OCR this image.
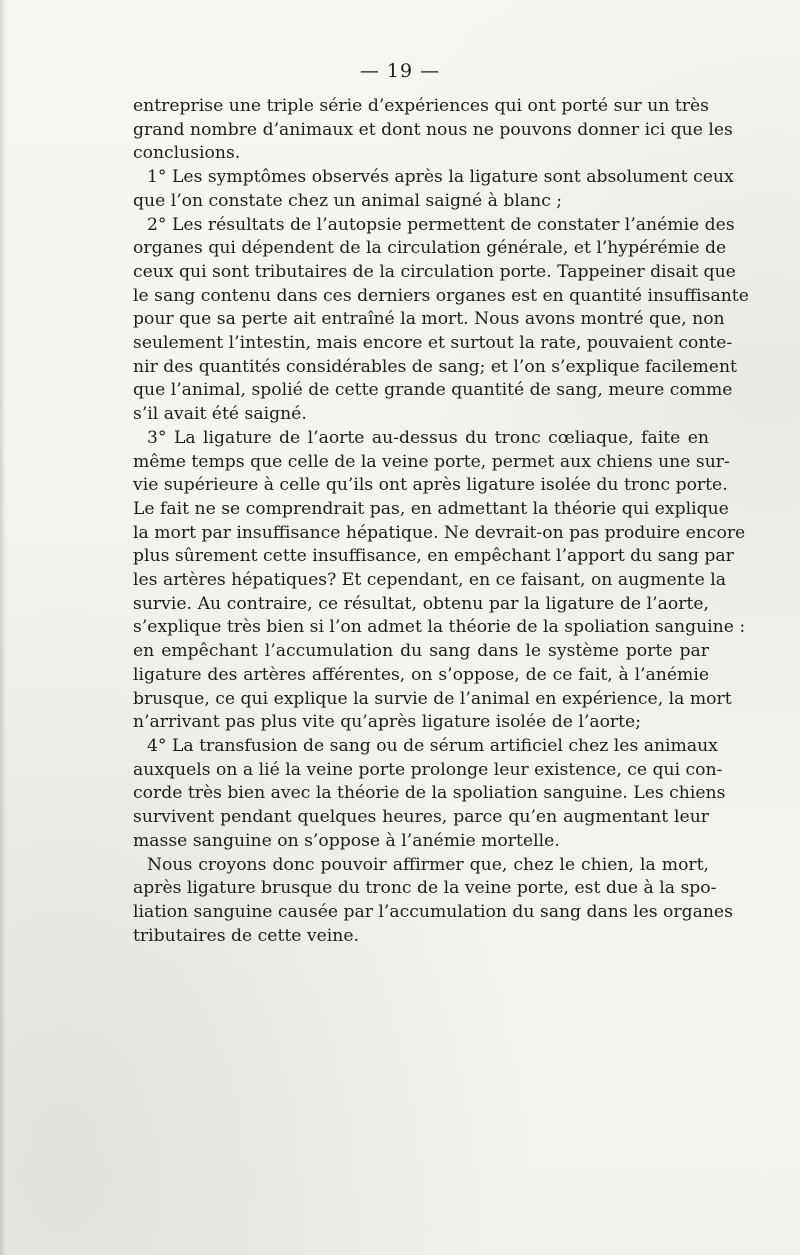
— 19 —
entreprise une triple série d’expériences qui ont porté sur un très
grand nombre d’animaux et dont nous ne pouvons donner ici que les
conclusions.
1° Les symptômes observés après la ligature sont absolument ceux
que l’on constate chez un animal saigné à blanc ;
2° Les résultats de l’autopsie permettent de constater l’anémie des
organes qui dépendent de la circulation générale, et l’hypérémie de
ceux qui sont tributaires de la circulation porte. Tappeiner disait que
le sang contenu dans ces derniers organes est en quantité insuffisante
pour que sa perte ait entraîné la mort. Nous avons montré que, non
seulement l’intestin, mais encore et surtout la rate, pouvaient conte-
nir des quantités considérables de sang; et l’on s’explique facilement
que l’animal, spolié de cette grande quantité de sang, meure comme
s’il avait été saigné.
3° La ligature de l’aorte au-dessus du tronc cœliaque, faite en
même temps que celle de la veine porte, permet aux chiens une sur-
vie supérieure à celle qu’ils ont après ligature isolée du tronc porte.
Le fait ne se comprendrait pas, en admettant la théorie qui explique
la mort par insuffisance hépatique. Ne devrait-on pas produire encore
plus sûrement cette insuffisance, en empêchant l’apport du sang par
les artères hépatiques? Et cependant, en ce faisant, on augmente la
survie. Au contraire, ce résultat, obtenu par la ligature de l’aorte,
s’explique très bien si l’on admet la théorie de la spoliation sanguine :
en empêchant l’accumulation du sang dans le système porte par
ligature des artères afférentes, on s’oppose, de ce fait, à l’anémie
brusque, ce qui explique la survie de l’animal en expérience, la mort
n’arrivant pas plus vite qu’après ligature isolée de l’aorte;
4° La transfusion de sang ou de sérum artificiel chez les animaux
auxquels on a lié la veine porte prolonge leur existence, ce qui con-
corde très bien avec la théorie de la spoliation sanguine. Les chiens
survivent pendant quelques heures, parce qu’en augmentant leur
masse sanguine on s’oppose à l’anémie mortelle.
Nous croyons donc pouvoir affirmer que, chez le chien, la mort,
après ligature brusque du tronc de la veine porte, est due à la spo-
liation sanguine causée par l’accumulation du sang dans les organes
tributaires de cette veine.
